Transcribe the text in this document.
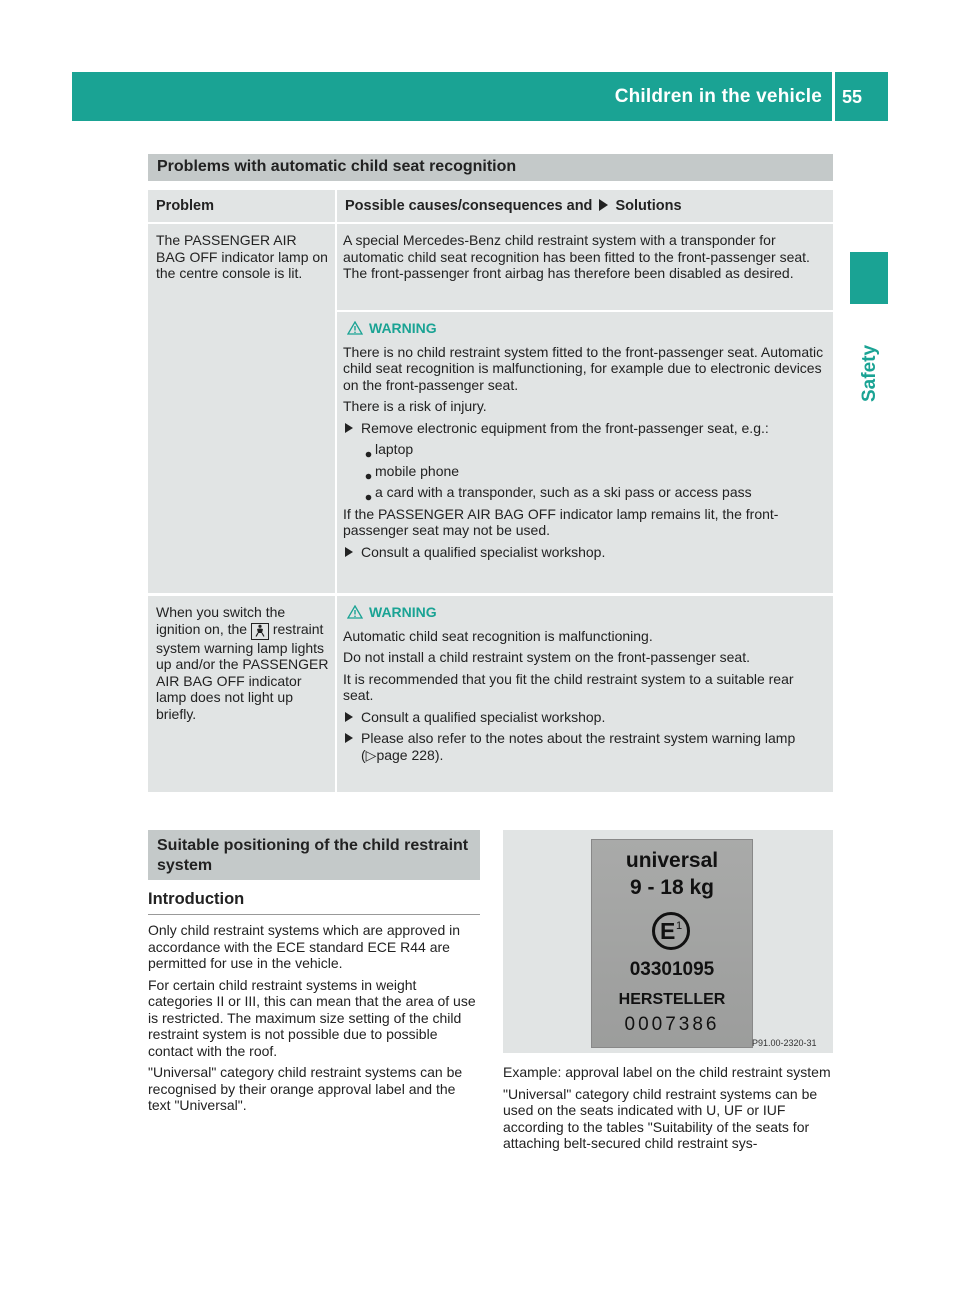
Children in the vehicle 55
Safety
Problems with automatic child seat recognition
Problem	Possible causes/consequences and Solutions
The PASSENGER AIR BAG OFF indicator lamp on the centre console is lit.

A special Mercedes-Benz child restraint system with a transponder for automatic child seat recognition has been fitted to the front-passenger seat. The front-passenger front airbag has therefore been disabled as desired.

WARNING

There is no child restraint system fitted to the front-passenger seat. Automatic child seat recognition is malfunctioning, for example due to electronic devices on the front-passenger seat.

There is a risk of injury.

Remove electronic equipment from the front-passenger seat, e.g.:

laptop

mobile phone

a card with a transponder, such as a ski pass or access pass

If the PASSENGER AIR BAG OFF indicator lamp remains lit, the front-passenger seat may not be used.

Consult a qualified specialist workshop.

When you switch the ignition on, the restraint system warning lamp lights up and/or the PASSENGER AIR BAG OFF indicator lamp does not light up briefly.

WARNING

Automatic child seat recognition is malfunctioning.

Do not install a child restraint system on the front-passenger seat.

It is recommended that you fit the child restraint system to a suitable rear seat.

Consult a qualified specialist workshop.

Please also refer to the notes about the restraint system warning lamp (▷page 228).

Suitable positioning of the child restraint system
Introduction

Only child restraint systems which are approved in accordance with the ECE standard ECE R44 are permitted for use in the vehicle.

For certain child restraint systems in weight categories II or III, this can mean that the area of use is restricted. The maximum size setting of the child restraint system is not possible due to possible contact with the roof.

"Universal" category child restraint systems can be recognised by their orange approval label and the text "Universal".

universal
9 - 18 kg
E 1
03301095
HERSTELLER
0007386
P91.00-2320-31

Example: approval label on the child restraint system

"Universal" category child restraint systems can be used on the seats indicated with U, UF or IUF according to the tables "Suitability of the seats for attaching belt-secured child restraint sys-
